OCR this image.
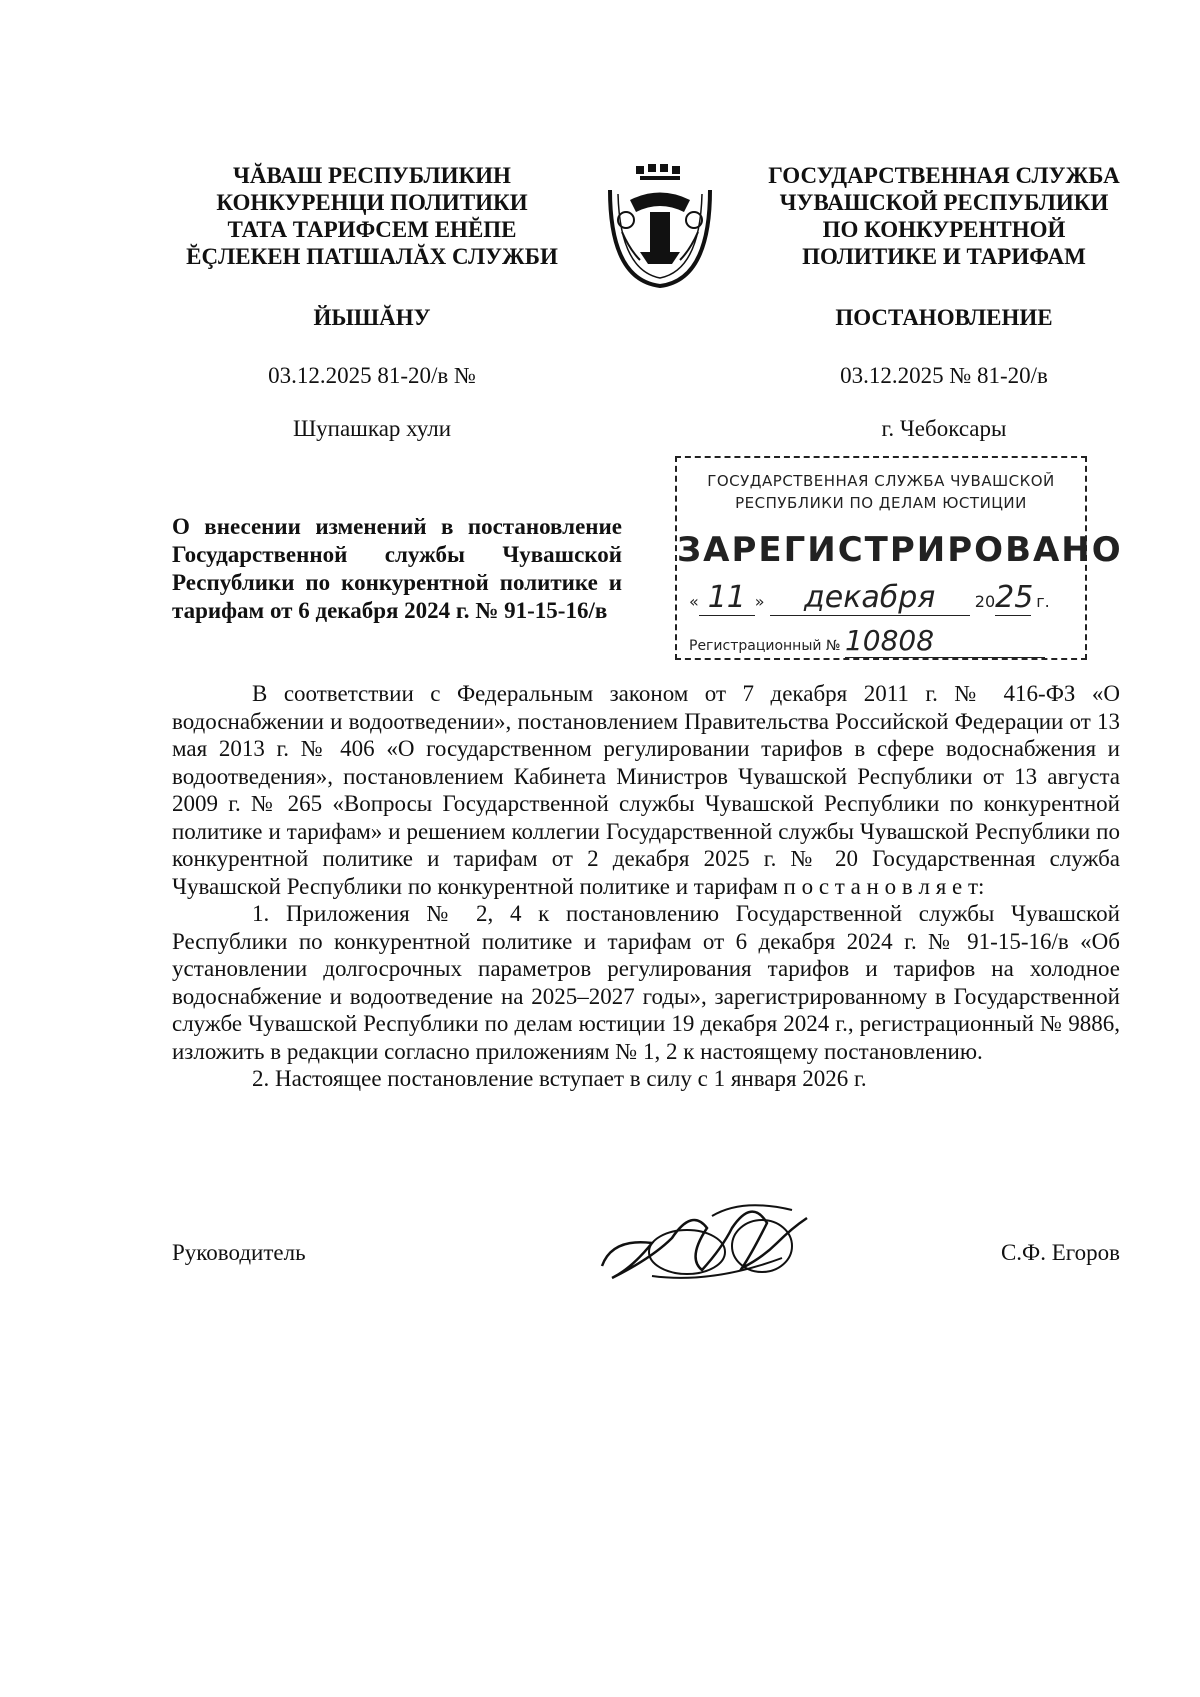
ЧĂВАШ РЕСПУБЛИКИН
КОНКУРЕНЦИ ПОЛИТИКИ
ТАТА ТАРИФСЕМ ЕНĔПЕ
ĔÇЛЕКЕН ПАТШАЛĂХ СЛУЖБИ
ГОСУДАРСТВЕННАЯ СЛУЖБА
ЧУВАШСКОЙ РЕСПУБЛИКИ
ПО КОНКУРЕНТНОЙ
ПОЛИТИКЕ И ТАРИФАМ
ЙЫШĂНУ	ПОСТАНОВЛЕНИЕ
03.12.2025 81-20/в №	03.12.2025 № 81-20/в
Шупашкар хули	г. Чебоксары
ГОСУДАРСТВЕННАЯ СЛУЖБА ЧУВАШСКОЙ
РЕСПУБЛИКИ ПО ДЕЛАМ ЮСТИЦИИ
ЗАРЕГИСТРИРОВАНО
« 11 » декабря 2025 г.
Регистрационный № 10808
О внесении изменений в постановление Государственной службы Чувашской Республики по конкурентной политике и тарифам от 6 декабря 2024 г. № 91-15-16/в

В соответствии с Федеральным законом от 7 декабря 2011 г. № 416-ФЗ «О водоснабжении и водоотведении», постановлением Правительства Российской Федерации от 13 мая 2013 г. № 406 «О государственном регулировании тарифов в сфере водоснабжения и водоотведения», постановлением Кабинета Министров Чувашской Республики от 13 августа 2009 г. № 265 «Вопросы Государственной службы Чувашской Республики по конкурентной политике и тарифам» и решением коллегии Государственной службы Чувашской Республики по конкурентной политике и тарифам от 2 декабря 2025 г. № 20 Государственная служба Чувашской Республики по конкурентной политике и тарифам п о с т а н о в л я е т:

1. Приложения № 2, 4 к постановлению Государственной службы Чувашской Республики по конкурентной политике и тарифам от 6 декабря 2024 г. № 91-15-16/в «Об установлении долгосрочных параметров регулирования тарифов и тарифов на холодное водоснабжение и водоотведение на 2025–2027 годы», зарегистрированному в Государственной службе Чувашской Республики по делам юстиции 19 декабря 2024 г., регистрационный № 9886, изложить в редакции согласно приложениям № 1, 2 к настоящему постановлению.

2. Настоящее постановление вступает в силу с 1 января 2026 г.

Руководитель	С.Ф. Егоров
